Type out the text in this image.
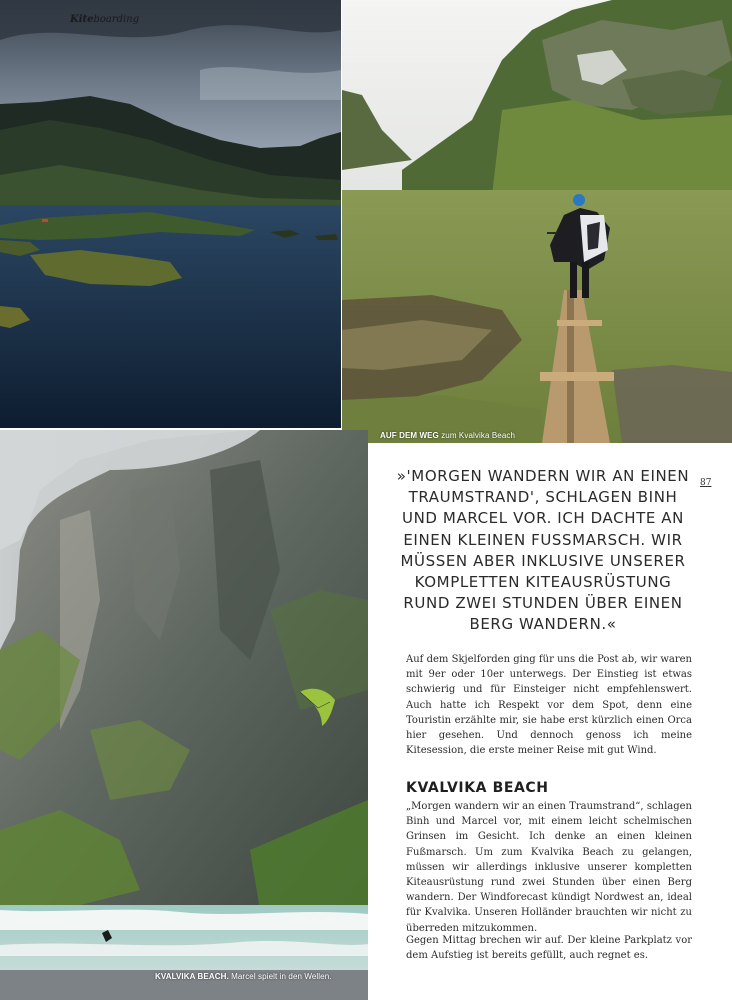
Kiteboarding
AUF DEM WEG zum Kvalvika Beach
KVALVIKA BEACH. Marcel spielt in den Wellen.
87
»'MORGEN WANDERN WIR AN EINEN TRAUMSTRAND', SCHLAGEN BINH UND MARCEL VOR. ICH DACHTE AN EINEN KLEINEN FUSSMARSCH. WIR MÜSSEN ABER INKLUSIVE UNSERER KOMPLETTEN KITEAUSRÜSTUNG RUND ZWEI STUNDEN ÜBER EINEN BERG WANDERN.«

Auf dem Skjelforden ging für uns die Post ab, wir waren mit 9er oder 10er unterwegs. Der Einstieg ist etwas schwierig und für Einsteiger nicht empfehlenswert. Auch hatte ich Respekt vor dem Spot, denn eine Touristin erzählte mir, sie habe erst kürzlich einen Orca hier gesehen. Und dennoch genoss ich meine Kitesession, die erste meiner Reise mit gut Wind.

KVALVIKA BEACH

„Morgen wandern wir an einen Traumstrand“, schlagen Binh und Marcel vor, mit einem leicht schelmischen Grinsen im Gesicht. Ich denke an einen kleinen Fußmarsch. Um zum Kvalvika Beach zu gelangen, müssen wir allerdings inklusive unserer kompletten Kiteausrüstung rund zwei Stunden über einen Berg wandern. Der Windforecast kündigt Nordwest an, ideal für Kvalvika. Unseren Holländer brauchten wir nicht zu überreden mitzukommen.

Gegen Mittag brechen wir auf. Der kleine Parkplatz vor dem Aufstieg ist bereits gefüllt, auch regnet es.
